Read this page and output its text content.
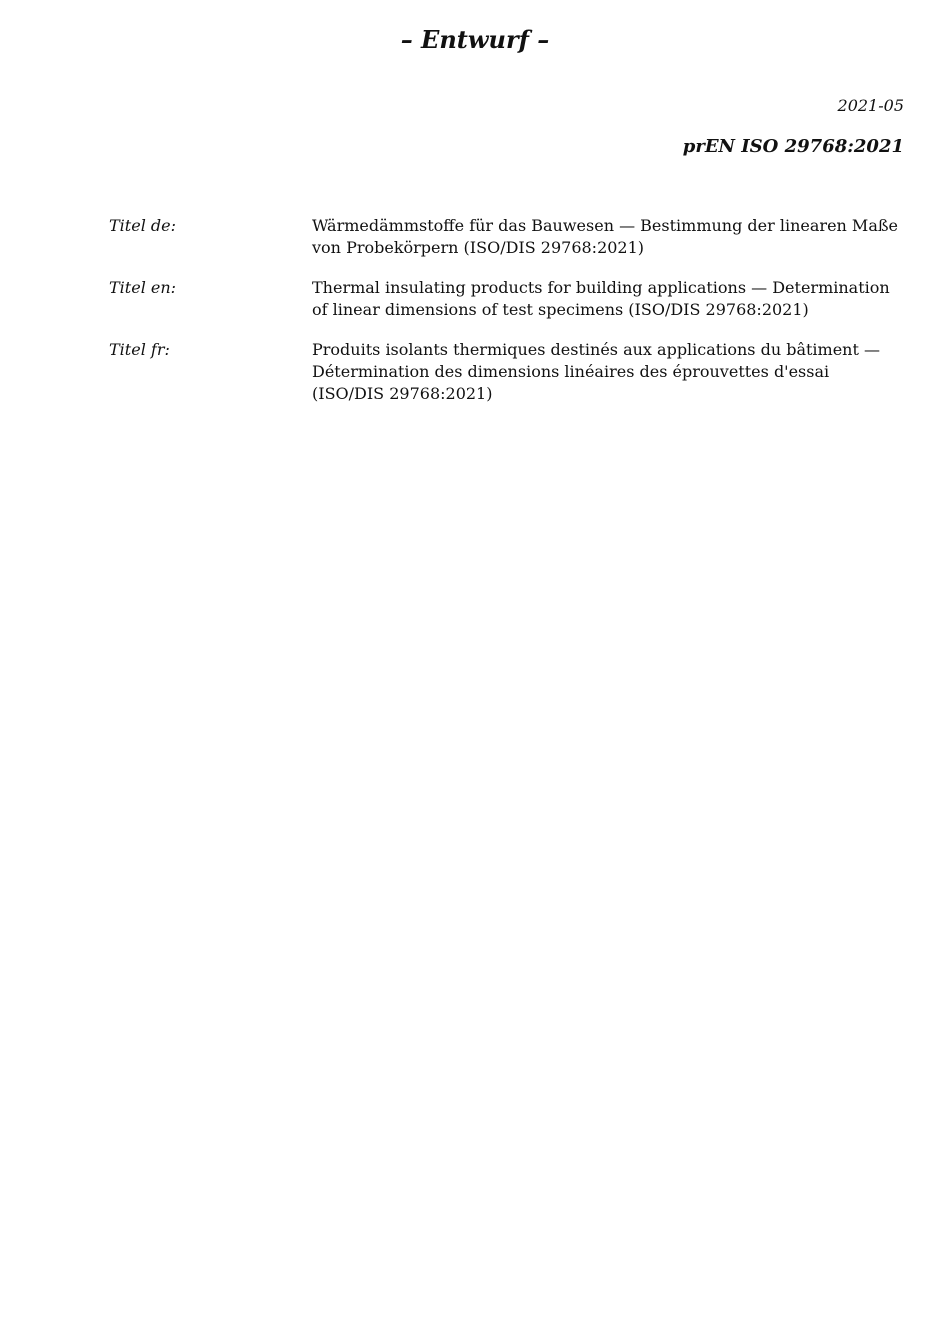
– Entwurf –
2021-05
prEN ISO 29768:2021
Titel de:	Wärmedämmstoffe für das Bauwesen — Bestimmung der linearen Maße von Probekörpern (ISO/DIS 29768:2021)
Titel en:	Thermal insulating products for building applications — Determination of linear dimensions of test specimens (ISO/DIS 29768:2021)
Titel fr:	Produits isolants thermiques destinés aux applications du bâtiment — Détermination des dimensions linéaires des éprouvettes d'essai (ISO/DIS 29768:2021)
